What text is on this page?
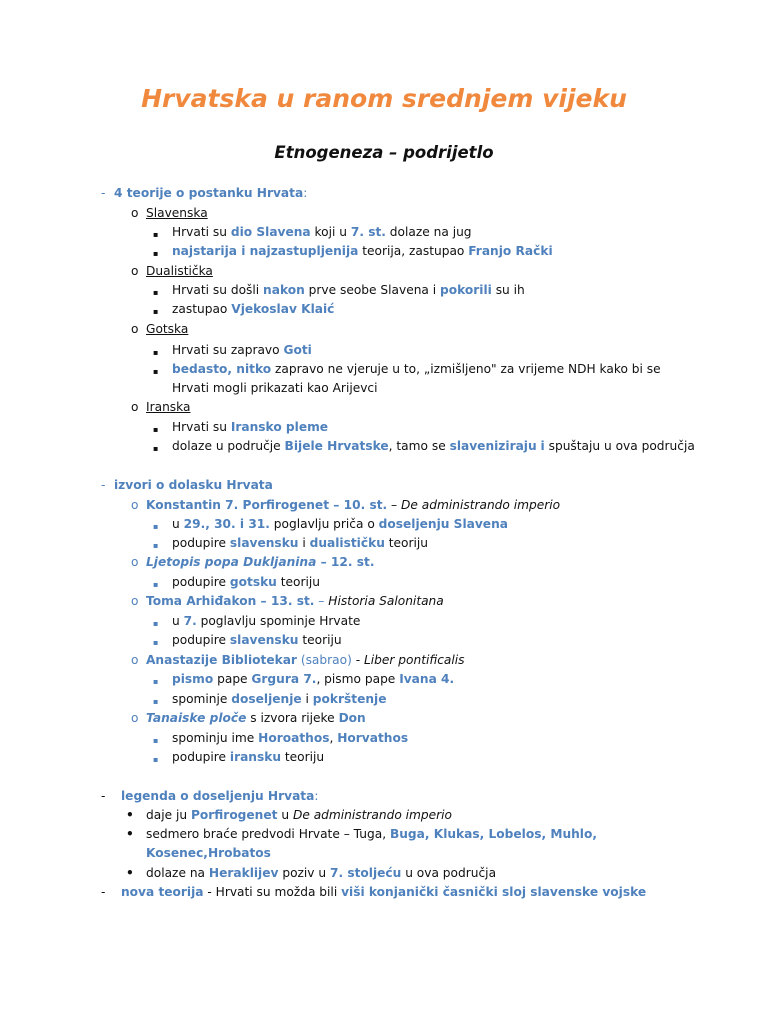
Hrvatska u ranom srednjem vijeku
Etnogeneza – podrijetlo
- 4 teorije o postanku Hrvata:
o Slavenska
▪ Hrvati su dio Slavena koji u 7. st. dolaze na jug
▪ najstarija i najzastupljenija teorija, zastupao Franjo Rački
o Dualistička
▪ Hrvati su došli nakon prve seobe Slavena i pokorili su ih
▪ zastupao Vjekoslav Klaić
o Gotska
▪ Hrvati su zapravo Goti
▪ bedasto, nitko zapravo ne vjeruje u to, „izmišljeno" za vrijeme NDH kako bi se Hrvati mogli prikazati kao Arijevci
o Iranska
▪ Hrvati su Iransko pleme
▪ dolaze u područje Bijele Hrvatske, tamo se slaveniziraju i spuštaju u ova područja
- izvori o dolasku Hrvata
o Konstantin 7. Porfirogenet – 10. st. – De administrando imperio
▪ u 29., 30. i 31. poglavlju priča o doseljenju Slavena
▪ podupire slavensku i dualističku teoriju
o Ljetopis popa Dukljanina – 12. st.
▪ podupire gotsku teoriju
o Toma Arhiđakon – 13. st. – Historia Salonitana
▪ u 7. poglavlju spominje Hrvate
▪ podupire slavensku teoriju
o Anastazije Bibliotekar (sabrao) - Liber pontificalis
▪ pismo pape Grgura 7., pismo pape Ivana 4.
▪ spominje doseljenje i pokrštenje
o Tanaiske ploče s izvora rijeke Don
▪ spominju ime Horoathos, Horvathos
▪ podupire iransku teoriju
- legenda o doseljenju Hrvata:
• daje ju Porfirogenet u De administrando imperio
• sedmero braće predvodi Hrvate – Tuga, Buga, Klukas, Lobelos, Muhlo, Kosenec,Hrobatos

• dolaze na Heraklijev poziv u 7. stoljeću u ova područja
- nova teorija - Hrvati su možda bili viši konjanički časnički sloj slavenske vojske
